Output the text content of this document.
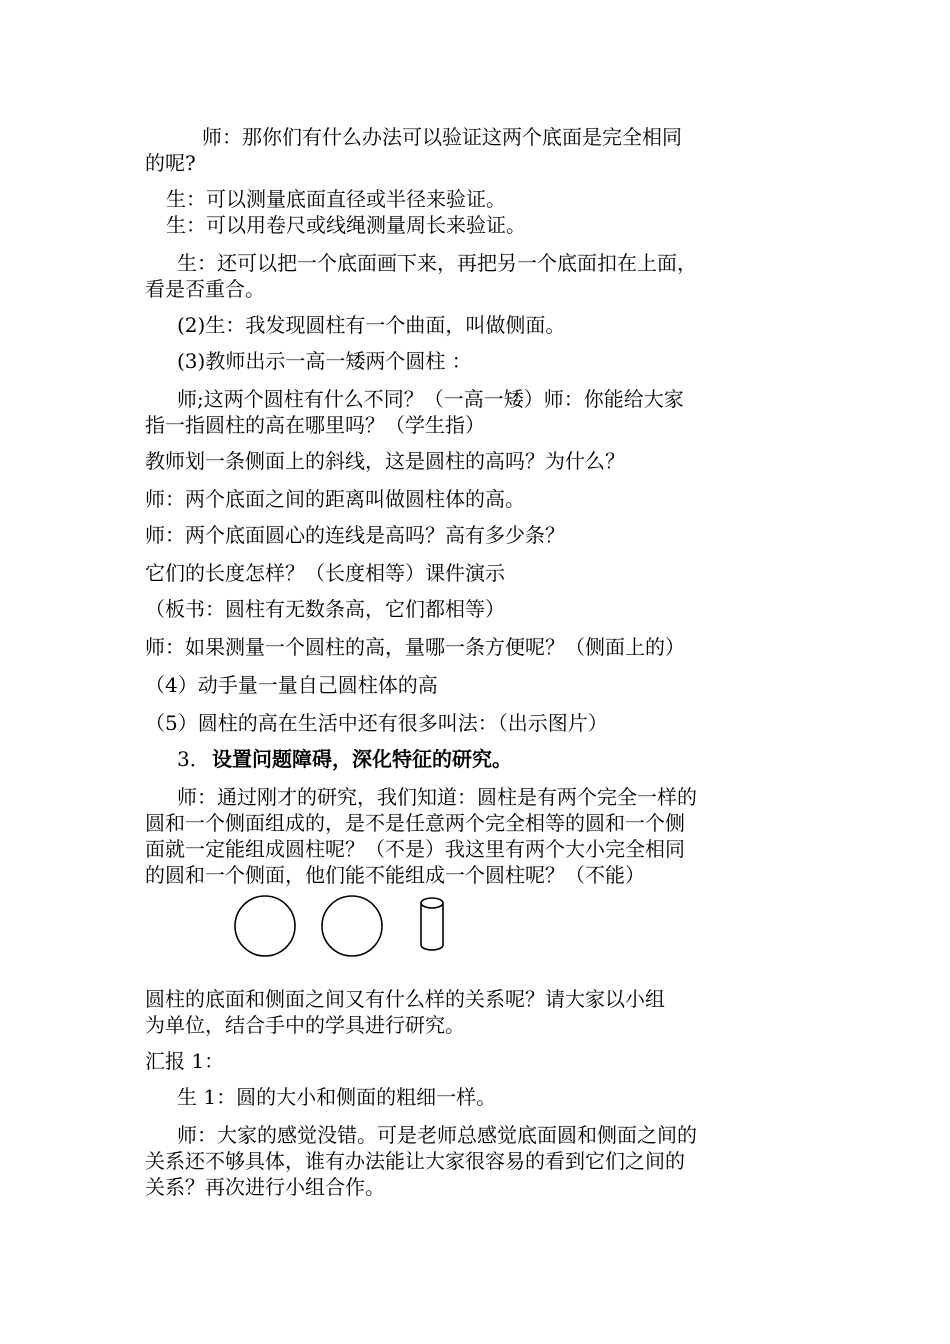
师：那你们有什么办法可以验证这两个底面是完全相同
的呢?
生：可以测量底面直径或半径来验证。
生：可以用卷尺或线绳测量周长来验证。
生：还可以把一个底面画下来，再把另一个底面扣在上面，
看是否重合。
(2)生：我发现圆柱有一个曲面，叫做侧面。
(3)教师出示一高一矮两个圆柱 ：
师;这两个圆柱有什么不同？（一高一矮）师：你能给大家
指一指圆柱的高在哪里吗？（学生指）
教师划一条侧面上的斜线，这是圆柱的高吗？为什么？
师：两个底面之间的距离叫做圆柱体的高。
师：两个底面圆心的连线是高吗？高有多少条？
它们的长度怎样？（长度相等）课件演示
（板书：圆柱有无数条高，它们都相等）
师：如果测量一个圆柱的高，量哪一条方便呢？（侧面上的）
（4）动手量一量自己圆柱体的高
（5）圆柱的高在生活中还有很多叫法：（出示图片）
3． 设置问题障碍，深化特征的研究。
师：通过刚才的研究，我们知道：圆柱是有两个完全一样的
圆和一个侧面组成的，是不是任意两个完全相等的圆和一个侧
面就一定能组成圆柱呢？（不是）我这里有两个大小完全相同
的圆和一个侧面，他们能不能组成一个圆柱呢？（不能）
圆柱的底面和侧面之间又有什么样的关系呢？请大家以小组
为单位，结合手中的学具进行研究。
汇报 1：
生 1：圆的大小和侧面的粗细一样。
师：大家的感觉没错。可是老师总感觉底面圆和侧面之间的
关系还不够具体，谁有办法能让大家很容易的看到它们之间的
关系？再次进行小组合作。
